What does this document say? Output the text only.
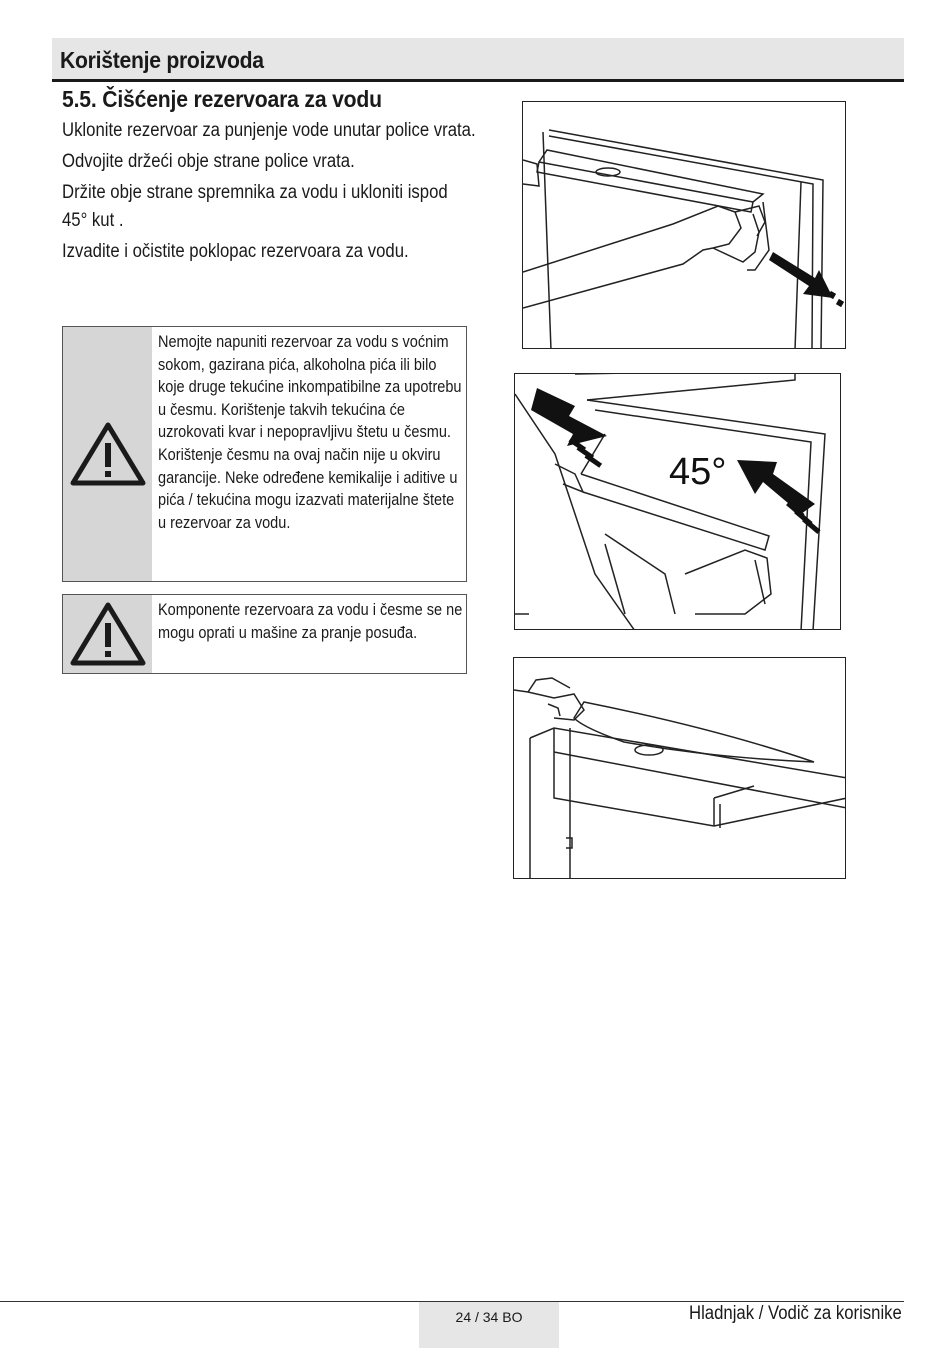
Korištenje proizvoda
5.5. Čišćenje rezervoara za vodu

Uklonite rezervoar za punjenje vode unutar police vrata.

Odvojite držeći obje strane police vrata.

Držite obje strane spremnika za vodu i ukloniti ispod 45° kut .

Izvadite i očistite poklopac rezervoara za vodu.

Nemojte napuniti rezervoar za vodu s voćnim sokom, gazirana pića, alkoholna pića ili bilo koje druge tekućine inkompatibilne za upotrebu u česmu. Korištenje takvih tekućina će uzrokovati kvar i nepopravljivu štetu u česmu. Korištenje česmu na ovaj način nije u okviru garancije. Neke određene kemikalije i aditive u pića / tekućina mogu izazvati materijalne štete u rezervoar za vodu.
Komponente rezervoara za vodu i česme se ne mogu oprati u mašine za pranje posuđa.
45°
24 / 34 BO	Hladnjak / Vodič za korisnike
